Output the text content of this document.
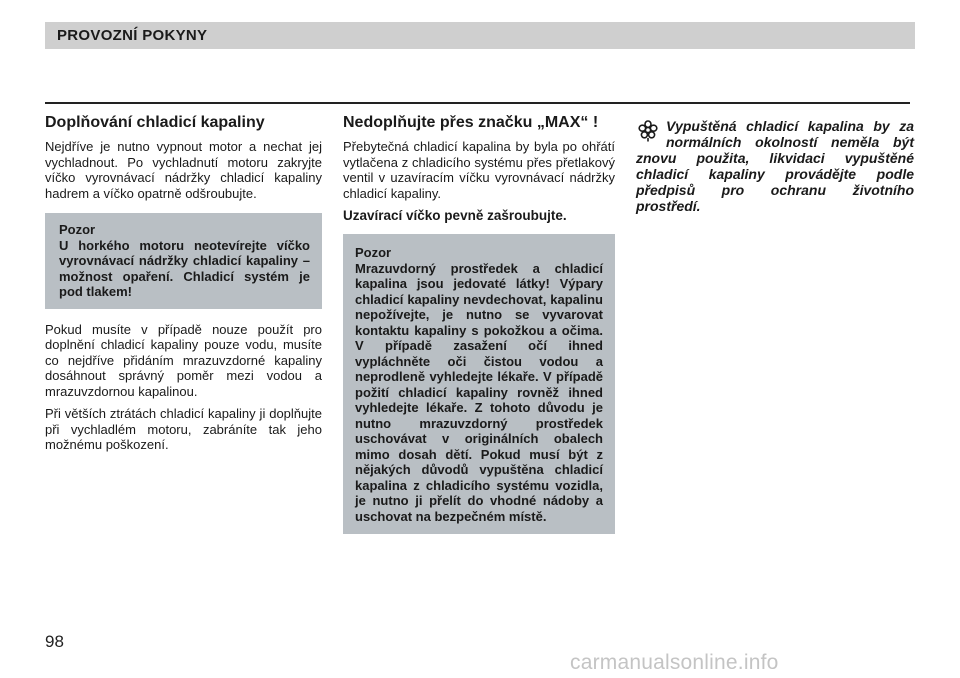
PROVOZNÍ POKYNY
Doplňování chladicí kapaliny

Nejdříve je nutno vypnout motor a nechat jej vychladnout. Po vychladnutí motoru zakryjte víčko vyrovnávací nádržky chladicí kapaliny hadrem a víčko opatrně odšroubujte.

Pozor
U horkého motoru neotevírejte víčko vyrovnávací nádržky chladicí kapaliny – možnost opaření. Chladicí systém je pod tlakem!

Pokud musíte v případě nouze použít pro doplnění chladicí kapaliny pouze vodu, musíte co nejdříve přidáním mrazuvzdorné kapaliny dosáhnout správný poměr mezi vodou a mrazuvzdornou kapalinou.

Při větších ztrátách chladicí kapaliny ji doplňujte při vychladlém motoru, zabráníte tak jeho možnému poškození.

Nedoplňujte přes značku „MAX“ !

Přebytečná chladicí kapalina by byla po ohřátí vytlačena z chladicího systému přes přetlakový ventil v uzavíracím víčku vyrovnávací nádržky chladicí kapaliny.

Uzavírací víčko pevně zašroubujte.

Pozor
Mrazuvdorný prostředek a chladicí kapalina jsou jedovaté látky! Výpary chladicí kapaliny nevdechovat, kapalinu nepožívejte, je nutno se vyvarovat kontaktu kapaliny s pokožkou a očima. V případě zasažení očí ihned vypláchněte oči čistou vodou a neprodleně vyhledejte lékaře. V případě požití chladicí kapaliny rovněž ihned vyhledejte lékaře. Z tohoto důvodu je nutno mrazuvzdorný prostředek uschovávat v originálních obalech mimo dosah dětí. Pokud musí být z nějakých důvodů vypuštěna chladicí kapalina z chladicího systému vozidla, je nutno ji přelít do vhodné nádoby a uschovat na bezpečném místě.
Vypuštěná chladicí kapalina by za normálních okolností neměla být znovu použita, likvidaci vypuštěné chladicí kapaliny provádějte podle předpisů pro ochranu životního prostředí.
98
carmanualsonline.info
